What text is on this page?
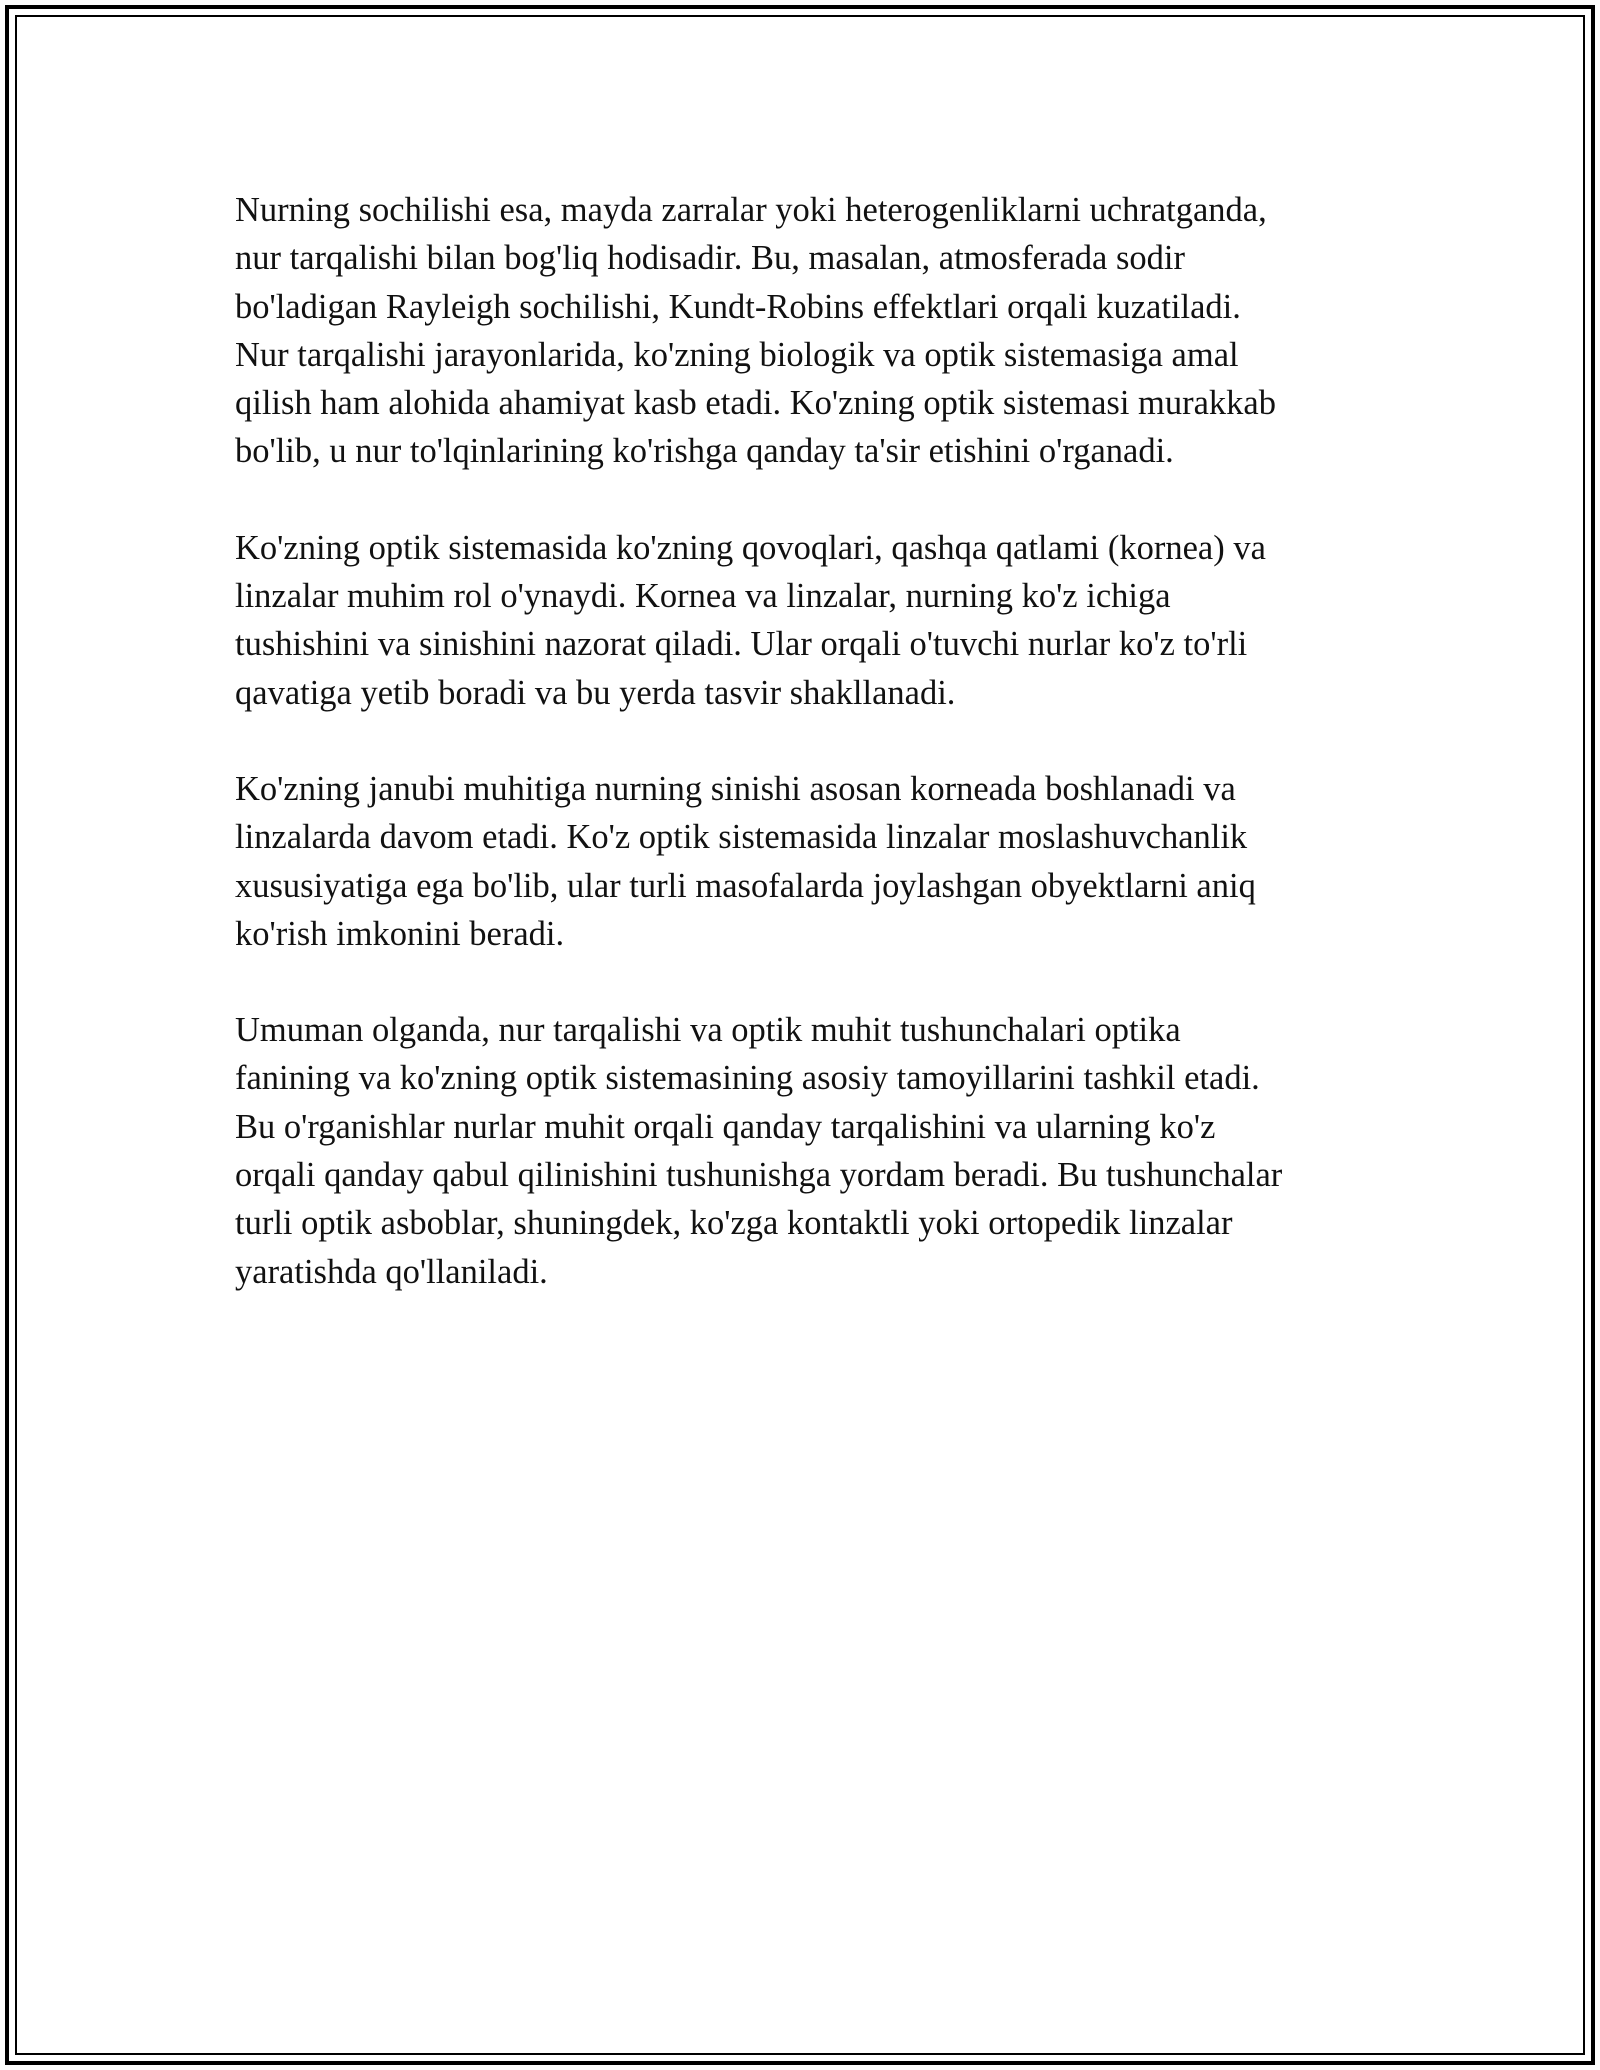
Nurning sochilishi esa, mayda zarralar yoki heterogenliklarni uchratganda,
nur tarqalishi bilan bog'liq hodisadir. Bu, masalan, atmosferada sodir
bo'ladigan Rayleigh sochilishi, Kundt-Robins effektlari orqali kuzatiladi.
Nur tarqalishi jarayonlarida, ko'zning biologik va optik sistemasiga amal
qilish ham alohida ahamiyat kasb etadi. Ko'zning optik sistemasi murakkab
bo'lib, u nur to'lqinlarining ko'rishga qanday ta'sir etishini o'rganadi.

Ko'zning optik sistemasida ko'zning qovoqlari, qashqa qatlami (kornea) va
linzalar muhim rol o'ynaydi. Kornea va linzalar, nurning ko'z ichiga
tushishini va sinishini nazorat qiladi. Ular orqali o'tuvchi nurlar ko'z to'rli
qavatiga yetib boradi va bu yerda tasvir shakllanadi.

Ko'zning janubi muhitiga nurning sinishi asosan korneada boshlanadi va
linzalarda davom etadi. Ko'z optik sistemasida linzalar moslashuvchanlik
xususiyatiga ega bo'lib, ular turli masofalarda joylashgan obyektlarni aniq
ko'rish imkonini beradi.

Umuman olganda, nur tarqalishi va optik muhit tushunchalari optika
fanining va ko'zning optik sistemasining asosiy tamoyillarini tashkil etadi.
Bu o'rganishlar nurlar muhit orqali qanday tarqalishini va ularning ko'z
orqali qanday qabul qilinishini tushunishga yordam beradi. Bu tushunchalar
turli optik asboblar, shuningdek, ko'zga kontaktli yoki ortopedik linzalar
yaratishda qo'llaniladi.
